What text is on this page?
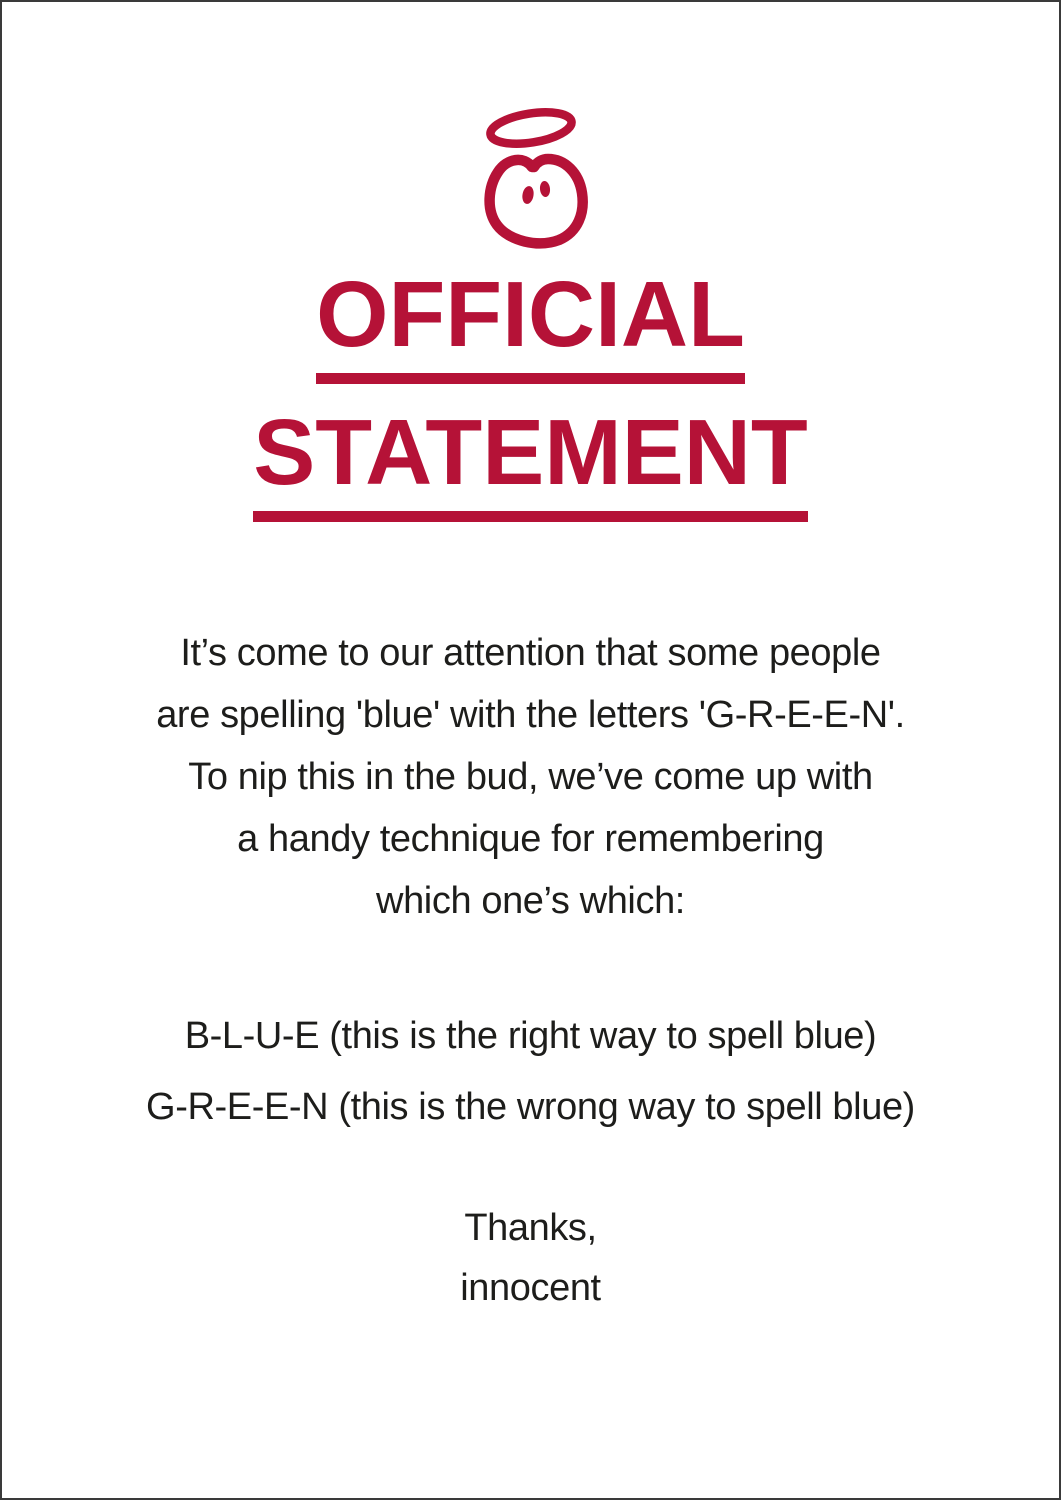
OFFICIAL
STATEMENT
It’s come to our attention that some people
are spelling 'blue' with the letters 'G-R-E-E-N'.
To nip this in the bud, we’ve come up with
a handy technique for remembering
which one’s which:
B-L-U-E (this is the right way to spell blue)
G-R-E-E-N (this is the wrong way to spell blue)
Thanks,
innocent
